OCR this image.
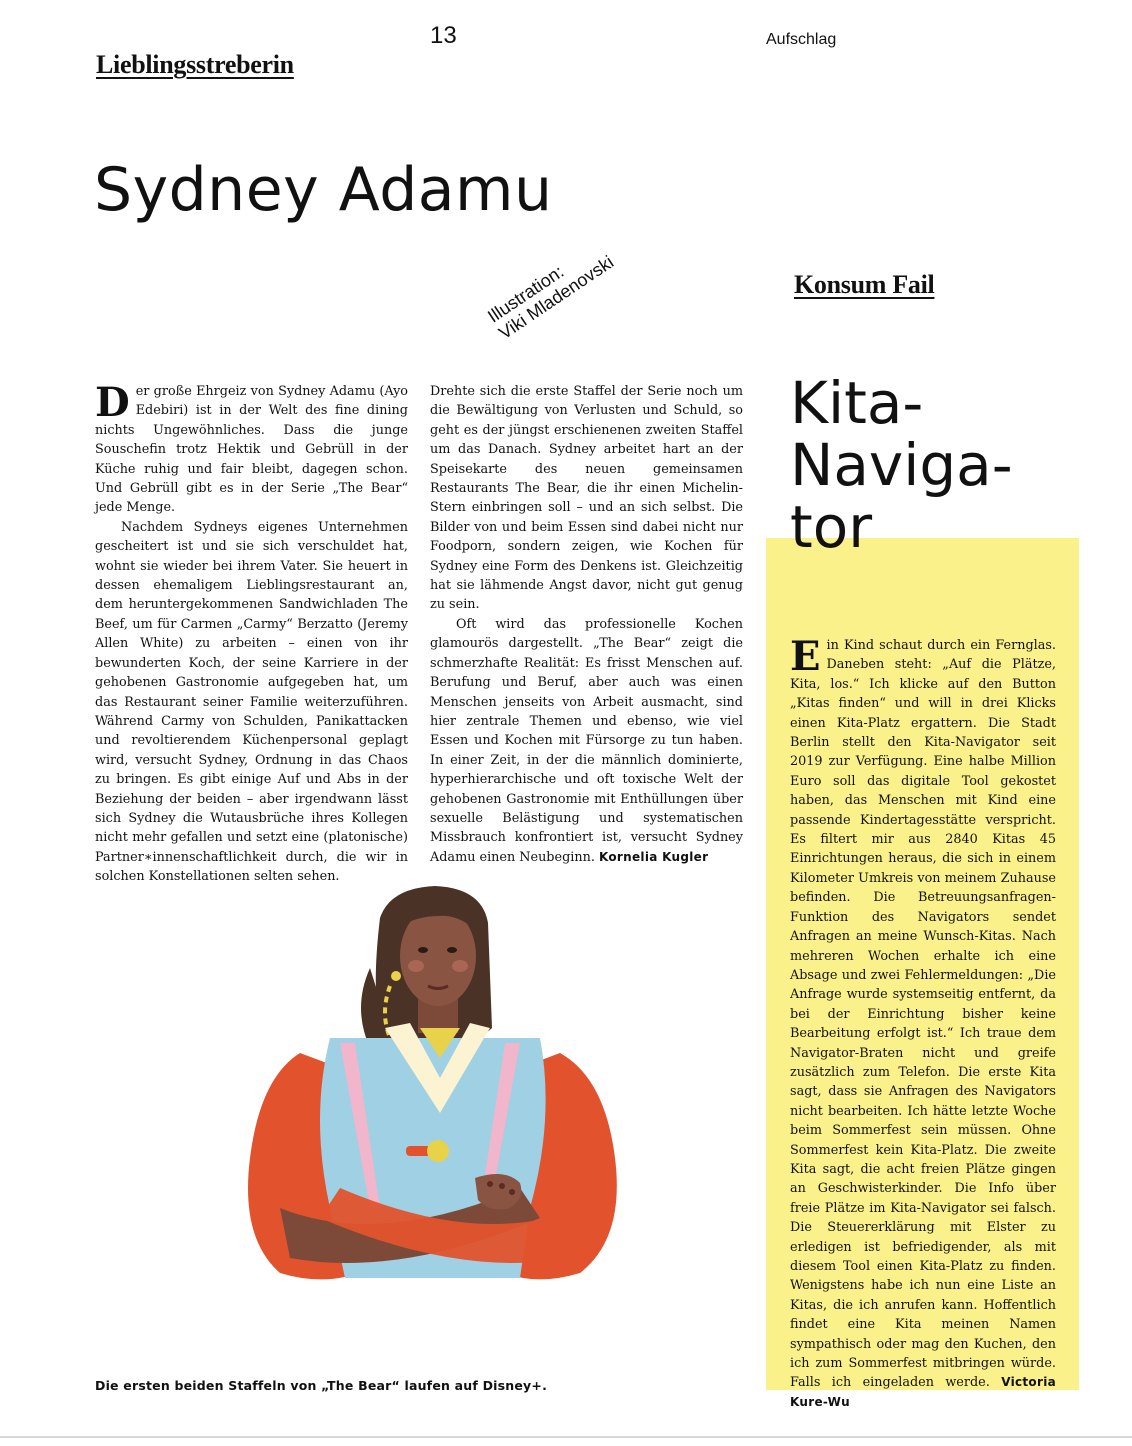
13	Aufschlag
Lieblingsstreberin
Sydney Adamu
Illustration:
Viki Mladenovski

Der große Ehrgeiz von Sydney Adamu (Ayo Edebiri) ist in der Welt des fine dining nichts Ungewöhnliches. Dass die junge Souschefin trotz Hektik und Gebrüll in der Küche ruhig und fair bleibt, dagegen schon. Und Gebrüll gibt es in der Serie „The Bear“ jede Menge.

Nachdem Sydneys eigenes Unternehmen gescheitert ist und sie sich verschuldet hat, wohnt sie wieder bei ihrem Vater. Sie heuert in dessen ehemaligem Lieblingsrestaurant an, dem heruntergekommenen Sandwichladen The Beef, um für Carmen „Carmy“ Berzatto (Jeremy Allen White) zu arbeiten – einen von ihr bewunderten Koch, der seine Karriere in der gehobenen Gastronomie aufgegeben hat, um das Restaurant seiner Familie weiterzuführen. Während Carmy von Schulden, Panikattacken und revoltierendem Küchenpersonal geplagt wird, versucht Sydney, Ordnung in das Chaos zu bringen. Es gibt einige Auf und Abs in der Beziehung der beiden – aber irgendwann lässt sich Sydney die Wutausbrüche ihres Kollegen nicht mehr gefallen und setzt eine (platonische) Partner∗innenschaftlichkeit durch, die wir in solchen Konstellationen selten sehen.

Drehte sich die erste Staffel der Serie noch um die Bewältigung von Verlusten und Schuld, so geht es der jüngst erschienenen zweiten Staffel um das Danach. Sydney arbeitet hart an der Speisekarte des neuen gemeinsamen Restaurants The Bear, die ihr einen Michelin-Stern einbringen soll – und an sich selbst. Die Bilder von und beim Essen sind dabei nicht nur Foodporn, sondern zeigen, wie Kochen für Sydney eine Form des Denkens ist. Gleichzeitig hat sie lähmende Angst davor, nicht gut genug zu sein.

Oft wird das professionelle Kochen glamourös dargestellt. „The Bear“ zeigt die schmerzhafte Realität: Es frisst Menschen auf. Berufung und Beruf, aber auch was einen Menschen jenseits von Arbeit ausmacht, sind hier zentrale Themen und ebenso, wie viel Essen und Kochen mit Fürsorge zu tun haben. In einer Zeit, in der die männlich dominierte, hyperhierarchische und oft toxische Welt der gehobenen Gastronomie mit Enthüllungen über sexuelle Belästigung und systematischen Missbrauch konfrontiert ist, versucht Sydney Adamu einen Neubeginn. Kornelia Kugler

Die ersten beiden Staffeln von „The Bear“ laufen auf Disney+.
Konsum Fail
Kita-
Naviga-
tor

Ein Kind schaut durch ein Fernglas. Daneben steht: „Auf die Plätze, Kita, los.“ Ich klicke auf den Button „Kitas finden“ und will in drei Klicks einen Kita-Platz ergattern. Die Stadt Berlin stellt den Kita-Navigator seit 2019 zur Verfügung. Eine halbe Million Euro soll das digitale Tool gekostet haben, das Menschen mit Kind eine passende Kindertagesstätte verspricht. Es filtert mir aus 2840 Kitas 45 Einrichtungen heraus, die sich in einem Kilometer Umkreis von meinem Zuhause befinden. Die Betreuungsanfragen-Funktion des Navigators sendet Anfragen an meine Wunsch-Kitas. Nach mehreren Wochen erhalte ich eine Absage und zwei Fehlermeldungen: „Die Anfrage wurde systemseitig entfernt, da bei der Einrichtung bisher keine Bearbeitung erfolgt ist.“ Ich traue dem Navigator-Braten nicht und greife zusätzlich zum Telefon. Die erste Kita sagt, dass sie Anfragen des Navigators nicht bearbeiten. Ich hätte letzte Woche beim Sommerfest sein müssen. Ohne Sommerfest kein Kita-Platz. Die zweite Kita sagt, die acht freien Plätze gingen an Geschwisterkinder. Die Info über freie Plätze im Kita-Navigator sei falsch. Die Steuererklärung mit Elster zu erledigen ist befriedigender, als mit diesem Tool einen Kita-Platz zu finden. Wenigstens habe ich nun eine Liste an Kitas, die ich anrufen kann. Hoffentlich findet eine Kita meinen Namen sympathisch oder mag den Kuchen, den ich zum Sommerfest mitbringen würde. Falls ich eingeladen werde. Victoria Kure-Wu
